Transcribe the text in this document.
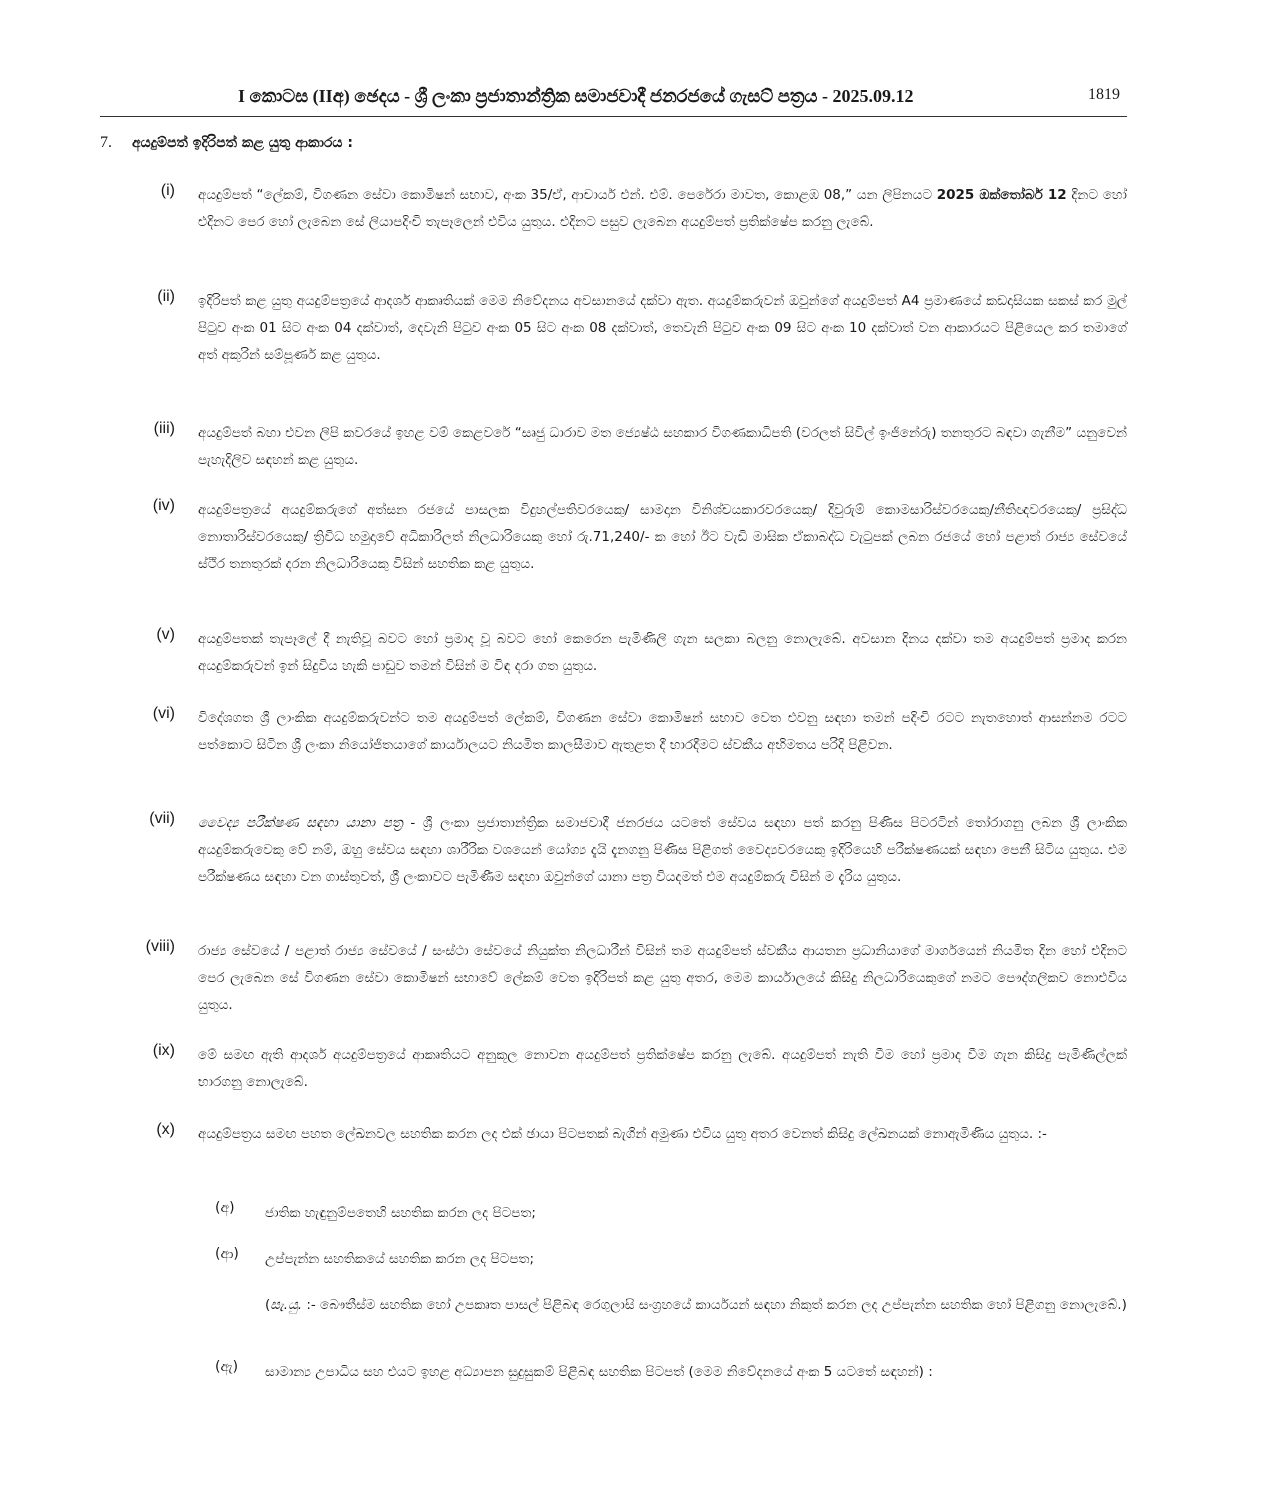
I කොටස (IIඅ) ඡෙදය - ශ්‍රී ලංකා ප්‍රජාතාන්ත්‍රික සමාජවාදී ජනරජයේ ගැසට් පත්‍රය - 2025.09.12	1819
7. අයදුම්පත් ඉදිරිපත් කළ යුතු ආකාරය :
(i) අයදුම්පත් “ලේකම්, විගණන සේවා කොමිෂන් සභාව, අංක 35/ඒ, ආචාර්ය එන්. එම්. පෙරේරා මාවත, කොළඹ 08,” යන ලිපිනයට 2025 ඔක්තෝබර් 12 දිනට හෝ එදිනට පෙර හෝ ලැබෙන සේ ලියාපදිංචි තැපෑලෙන් එවිය යුතුය. එදිනට පසුව ලැබෙන අයදුම්පත් ප්‍රතික්ෂේප කරනු ලැබේ.
(ii) ඉදිරිපත් කළ යුතු අයදුම්පත්‍රයේ ආදර්ශ ආකෘතියක් මෙම නිවේදනය අවසානයේ දක්වා ඇත. අයදුම්කරුවන් ඔවුන්ගේ අයදුම්පත් A4 ප්‍රමාණයේ කඩදාසියක සකස් කර මුල් පිටුව අංක 01 සිට අංක 04 දක්වාත්, දෙවැනි පිටුව අංක 05 සිට අංක 08 දක්වාත්, තෙවැනි පිටුව අංක 09 සිට අංක 10 දක්වාත් වන ආකාරයට පිළියෙල කර තමාගේ අත් අකුරින් සම්පූර්ණ කළ යුතුය.
(iii) අයදුම්පත් බහා එවන ලිපි කවරයේ ඉහළ වම් කෙළවරේ “සෘජු ධාරාව මත ජ්‍යෙෂ්ඨ සහකාර විගණකාධිපති (වරලත් සිවිල් ඉංජිනේරු) තනතුරට බඳවා ගැනීම” යනුවෙන් පැහැදිලිව සඳහන් කළ යුතුය.
(iv) අයදුම්පත්‍රයේ අයදුම්කරුගේ අත්සන රජයේ පාසලක විදුහල්පතිවරයෙකු/ සාමදාන විනිශ්චයකාරවරයෙකු/ දිවුරුම් කොමසාරිස්වරයෙකු/නීතිඥවරයෙකු/ ප්‍රසිද්ධ නොතාරිස්වරයෙකු/ ත්‍රිවිධ හමුදාවේ අධිකාරිලත් නිලධාරියෙකු හෝ රු.71,240/- ක හෝ ඊට වැඩි මාසික ඒකාබද්ධ වැටුපක් ලබන රජයේ හෝ පළාත් රාජ්‍ය සේවයේ ස්ථිර තනතුරක් දරන නිලධාරියෙකු විසින් සහතික කළ යුතුය.
(v) අයදුම්පතක් තැපෑලේ දී නැතිවූ බවට හෝ ප්‍රමාද වූ බවට හෝ කෙරෙන පැමිණිලි ගැන සලකා බලනු නොලැබේ. අවසාන දිනය දක්වා තම අයදුම්පත් ප්‍රමාද කරන අයදුම්කරුවන් ඉන් සිදුවිය හැකි පාඩුව තමන් විසින් ම විඳ දරා ගත යුතුය.
(vi) විදේශගත ශ්‍රී ලාංකික අයදුම්කරුවන්ට තම අයදුම්පත් ලේකම්, විගණන සේවා කොමිෂන් සභාව වෙත එවනු සඳහා තමන් පදිංචි රටට නැතහොත් ආසන්නම රටට පත්කොට සිටින ශ්‍රී ලංකා නියෝජිතයාගේ කාර්යාලයට නියමිත කාලසීමාව ඇතුළත දී භාරදීමට ස්වකීය අභිමතය පරිදි පිළිවන.
(vii) වෛද්‍ය පරීක්ෂණ සඳහා යානා පත්‍ර - ශ්‍රී ලංකා ප්‍රජාතාන්ත්‍රික සමාජවාදී ජනරජය යටතේ සේවය සඳහා පත් කරනු පිණිස පිටරටින් තෝරාගනු ලබන ශ්‍රී ලාංකික අයදුම්කරුවෙකු වේ නම්, ඔහු සේවය සඳහා ශාරීරික වශයෙන් යෝග්‍ය දැයි දැනගනු පිණිස පිළිගත් වෛද්‍යවරයෙකු ඉදිරියෙහි පරීක්ෂණයක් සඳහා පෙනී සිටිය යුතුය. එම පරීක්ෂණය සඳහා වන ගාස්තුවත්, ශ්‍රී ලංකාවට පැමිණීම සඳහා ඔවුන්ගේ යානා පත්‍ර වියදමත් එම අයදුම්කරු විසින් ම දැරිය යුතුය.
(viii) රාජ්‍ය සේවයේ / පළාත් රාජ්‍ය සේවයේ / සංස්ථා සේවයේ නියුක්ත නිලධාරීන් විසින් තම අයදුම්පත් ස්වකීය ආයතන ප්‍රධානියාගේ මාර්ගයෙන් නියමිත දින හෝ එදිනට පෙර ලැබෙන සේ විගණන සේවා කොමිෂන් සභාවේ ලේකම් වෙත ඉදිරිපත් කළ යුතු අතර, මෙම කාර්යාලයේ කිසිදු නිලධාරියෙකුගේ නමට පෞද්ගලිකව නොඑවිය යුතුය.
(ix) මේ සමඟ ඇති ආදර්ශ අයදුම්පත්‍රයේ ආකෘතියට අනුකූල නොවන අයදුම්පත් ප්‍රතික්ෂේප කරනු ලැබේ. අයදුම්පත් නැති වීම හෝ ප්‍රමාද වීම ගැන කිසිදු පැමිණිල්ලක් භාරගනු නොලැබේ.
(x) අයදුම්පත්‍රය සමඟ පහත ලේඛනවල සහතික කරන ලද එක් ඡායා පිටපතක් බැගින් අමුණා එවිය යුතු අතර වෙනත් කිසිදු ලේඛනයක් නොඇමිණිය යුතුය. :-
(අ) ජාතික හැඳුනුම්පතෙහි සහතික කරන ලද පිටපත;
(ආ) උප්පැන්න සහතිකයේ සහතික කරන ලද පිටපත;
(සැ.යු. :- බෞතීස්ම සහතික හෝ උපකෘත පාසල් පිළිබඳ රෙගුලාසි සංග්‍රහයේ කාර්යයන් සඳහා නිකුත් කරන ලද උප්පැන්න සහතික හෝ පිළිගනු නොලැබේ.)
(ඇ) සාමාන්‍ය උපාධිය සහ එයට ඉහළ අධ්‍යාපන සුදුසුකම් පිළිබඳ සහතික පිටපත් (මෙම නිවේදනයේ අංක 5 යටතේ සඳහන්) :
